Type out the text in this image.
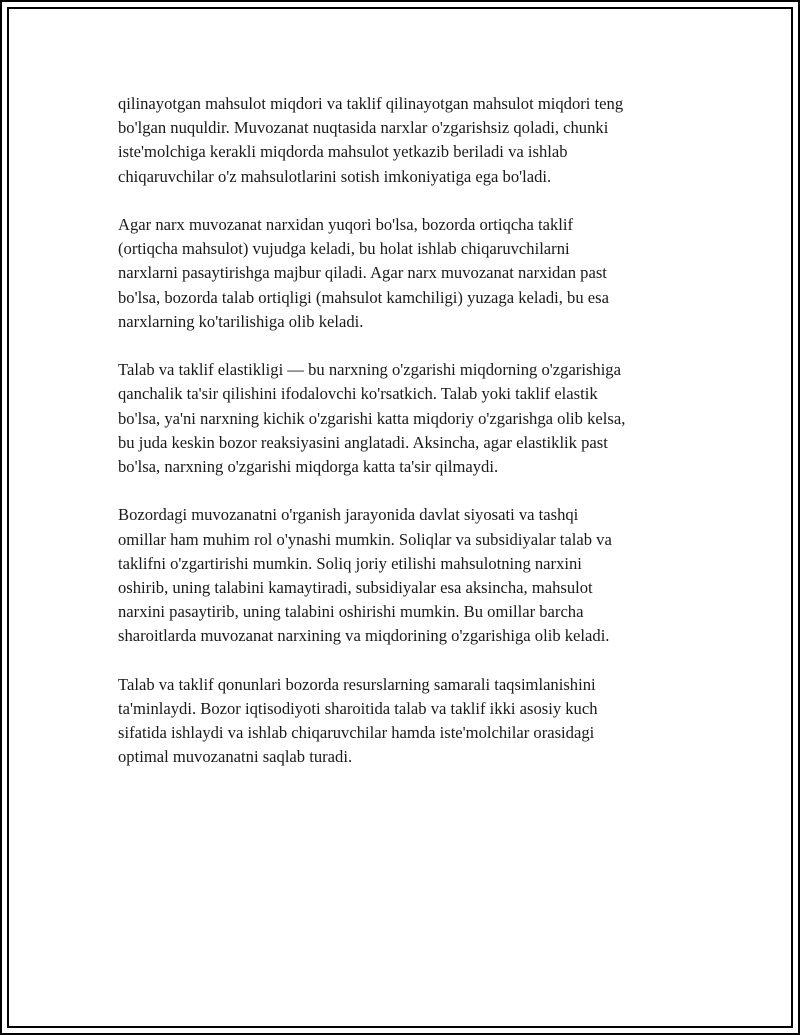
qilinayotgan mahsulot miqdori va taklif qilinayotgan mahsulot miqdori teng
bo'lgan nuquldir. Muvozanat nuqtasida narxlar o'zgarishsiz qoladi, chunki
iste'molchiga kerakli miqdorda mahsulot yetkazib beriladi va ishlab
chiqaruvchilar o'z mahsulotlarini sotish imkoniyatiga ega bo'ladi.

Agar narx muvozanat narxidan yuqori bo'lsa, bozorda ortiqcha taklif
(ortiqcha mahsulot) vujudga keladi, bu holat ishlab chiqaruvchilarni
narxlarni pasaytirishga majbur qiladi. Agar narx muvozanat narxidan past
bo'lsa, bozorda talab ortiqligi (mahsulot kamchiligi) yuzaga keladi, bu esa
narxlarning ko'tarilishiga olib keladi.

Talab va taklif elastikligi — bu narxning o'zgarishi miqdorning o'zgarishiga
qanchalik ta'sir qilishini ifodalovchi ko'rsatkich. Talab yoki taklif elastik
bo'lsa, ya'ni narxning kichik o'zgarishi katta miqdoriy o'zgarishga olib kelsa,
bu juda keskin bozor reaksiyasini anglatadi. Aksincha, agar elastiklik past
bo'lsa, narxning o'zgarishi miqdorga katta ta'sir qilmaydi.

Bozordagi muvozanatni o'rganish jarayonida davlat siyosati va tashqi
omillar ham muhim rol o'ynashi mumkin. Soliqlar va subsidiyalar talab va
taklifni o'zgartirishi mumkin. Soliq joriy etilishi mahsulotning narxini
oshirib, uning talabini kamaytiradi, subsidiyalar esa aksincha, mahsulot
narxini pasaytirib, uning talabini oshirishi mumkin. Bu omillar barcha
sharoitlarda muvozanat narxining va miqdorining o'zgarishiga olib keladi.

Talab va taklif qonunlari bozorda resurslarning samarali taqsimlanishini
ta'minlaydi. Bozor iqtisodiyoti sharoitida talab va taklif ikki asosiy kuch
sifatida ishlaydi va ishlab chiqaruvchilar hamda iste'molchilar orasidagi
optimal muvozanatni saqlab turadi.
